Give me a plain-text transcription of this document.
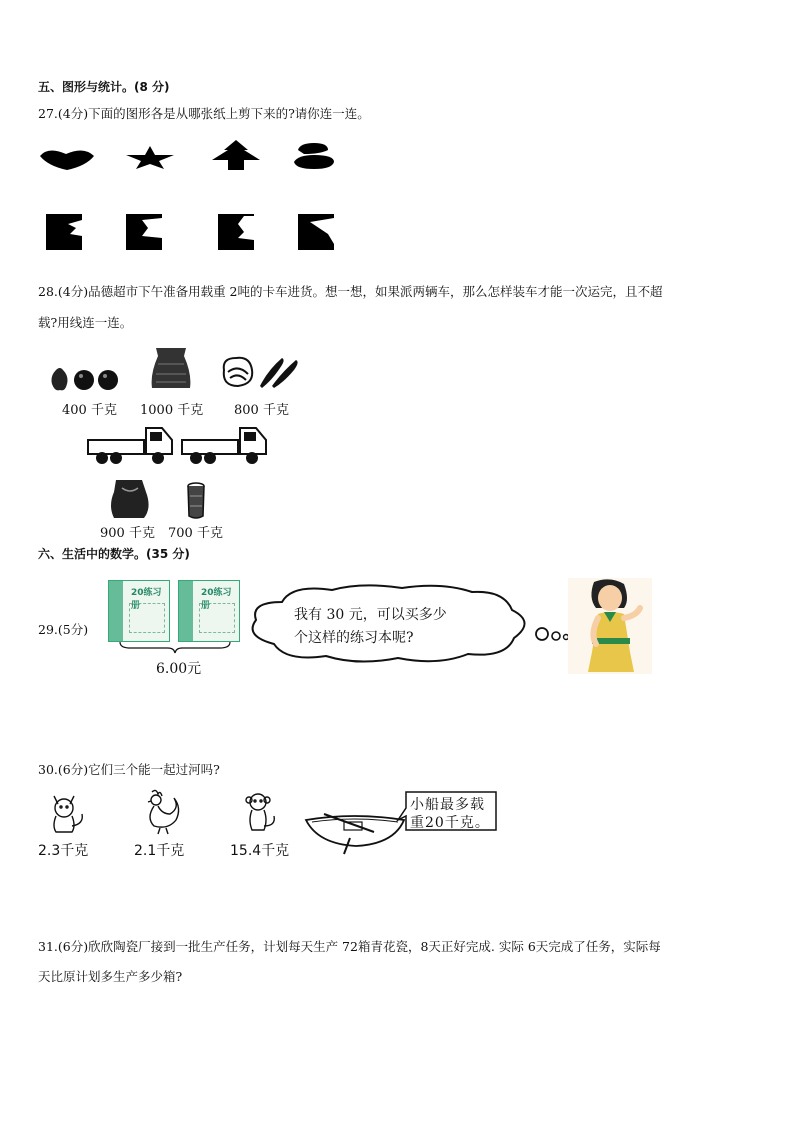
五、图形与统计。(8 分)
27.(4分)下面的图形各是从哪张纸上剪下来的?请你连一连。
28.(4分)品德超市下午准备用载重 2吨的卡车进货。想一想，如果派两辆车，那么怎样装车才能一次运完，且不超
载?用线连一连。
400 千克 1000 千克 800 千克
900 千克 700 千克
六、生活中的数学。(35 分)
29.(5分)
20练习册
20练习册
6.00元
我有 30 元，可以买多少
个这样的练习本呢?
30.(6分)它们三个能一起过河吗?
2.3千克	2.1千克	15.4千克
小船最多载
重20千克。
31.(6分)欣欣陶瓷厂接到一批生产任务，计划每天生产 72箱青花瓷，8天正好完成. 实际 6天完成了任务，实际每
天比原计划多生产多少箱?
